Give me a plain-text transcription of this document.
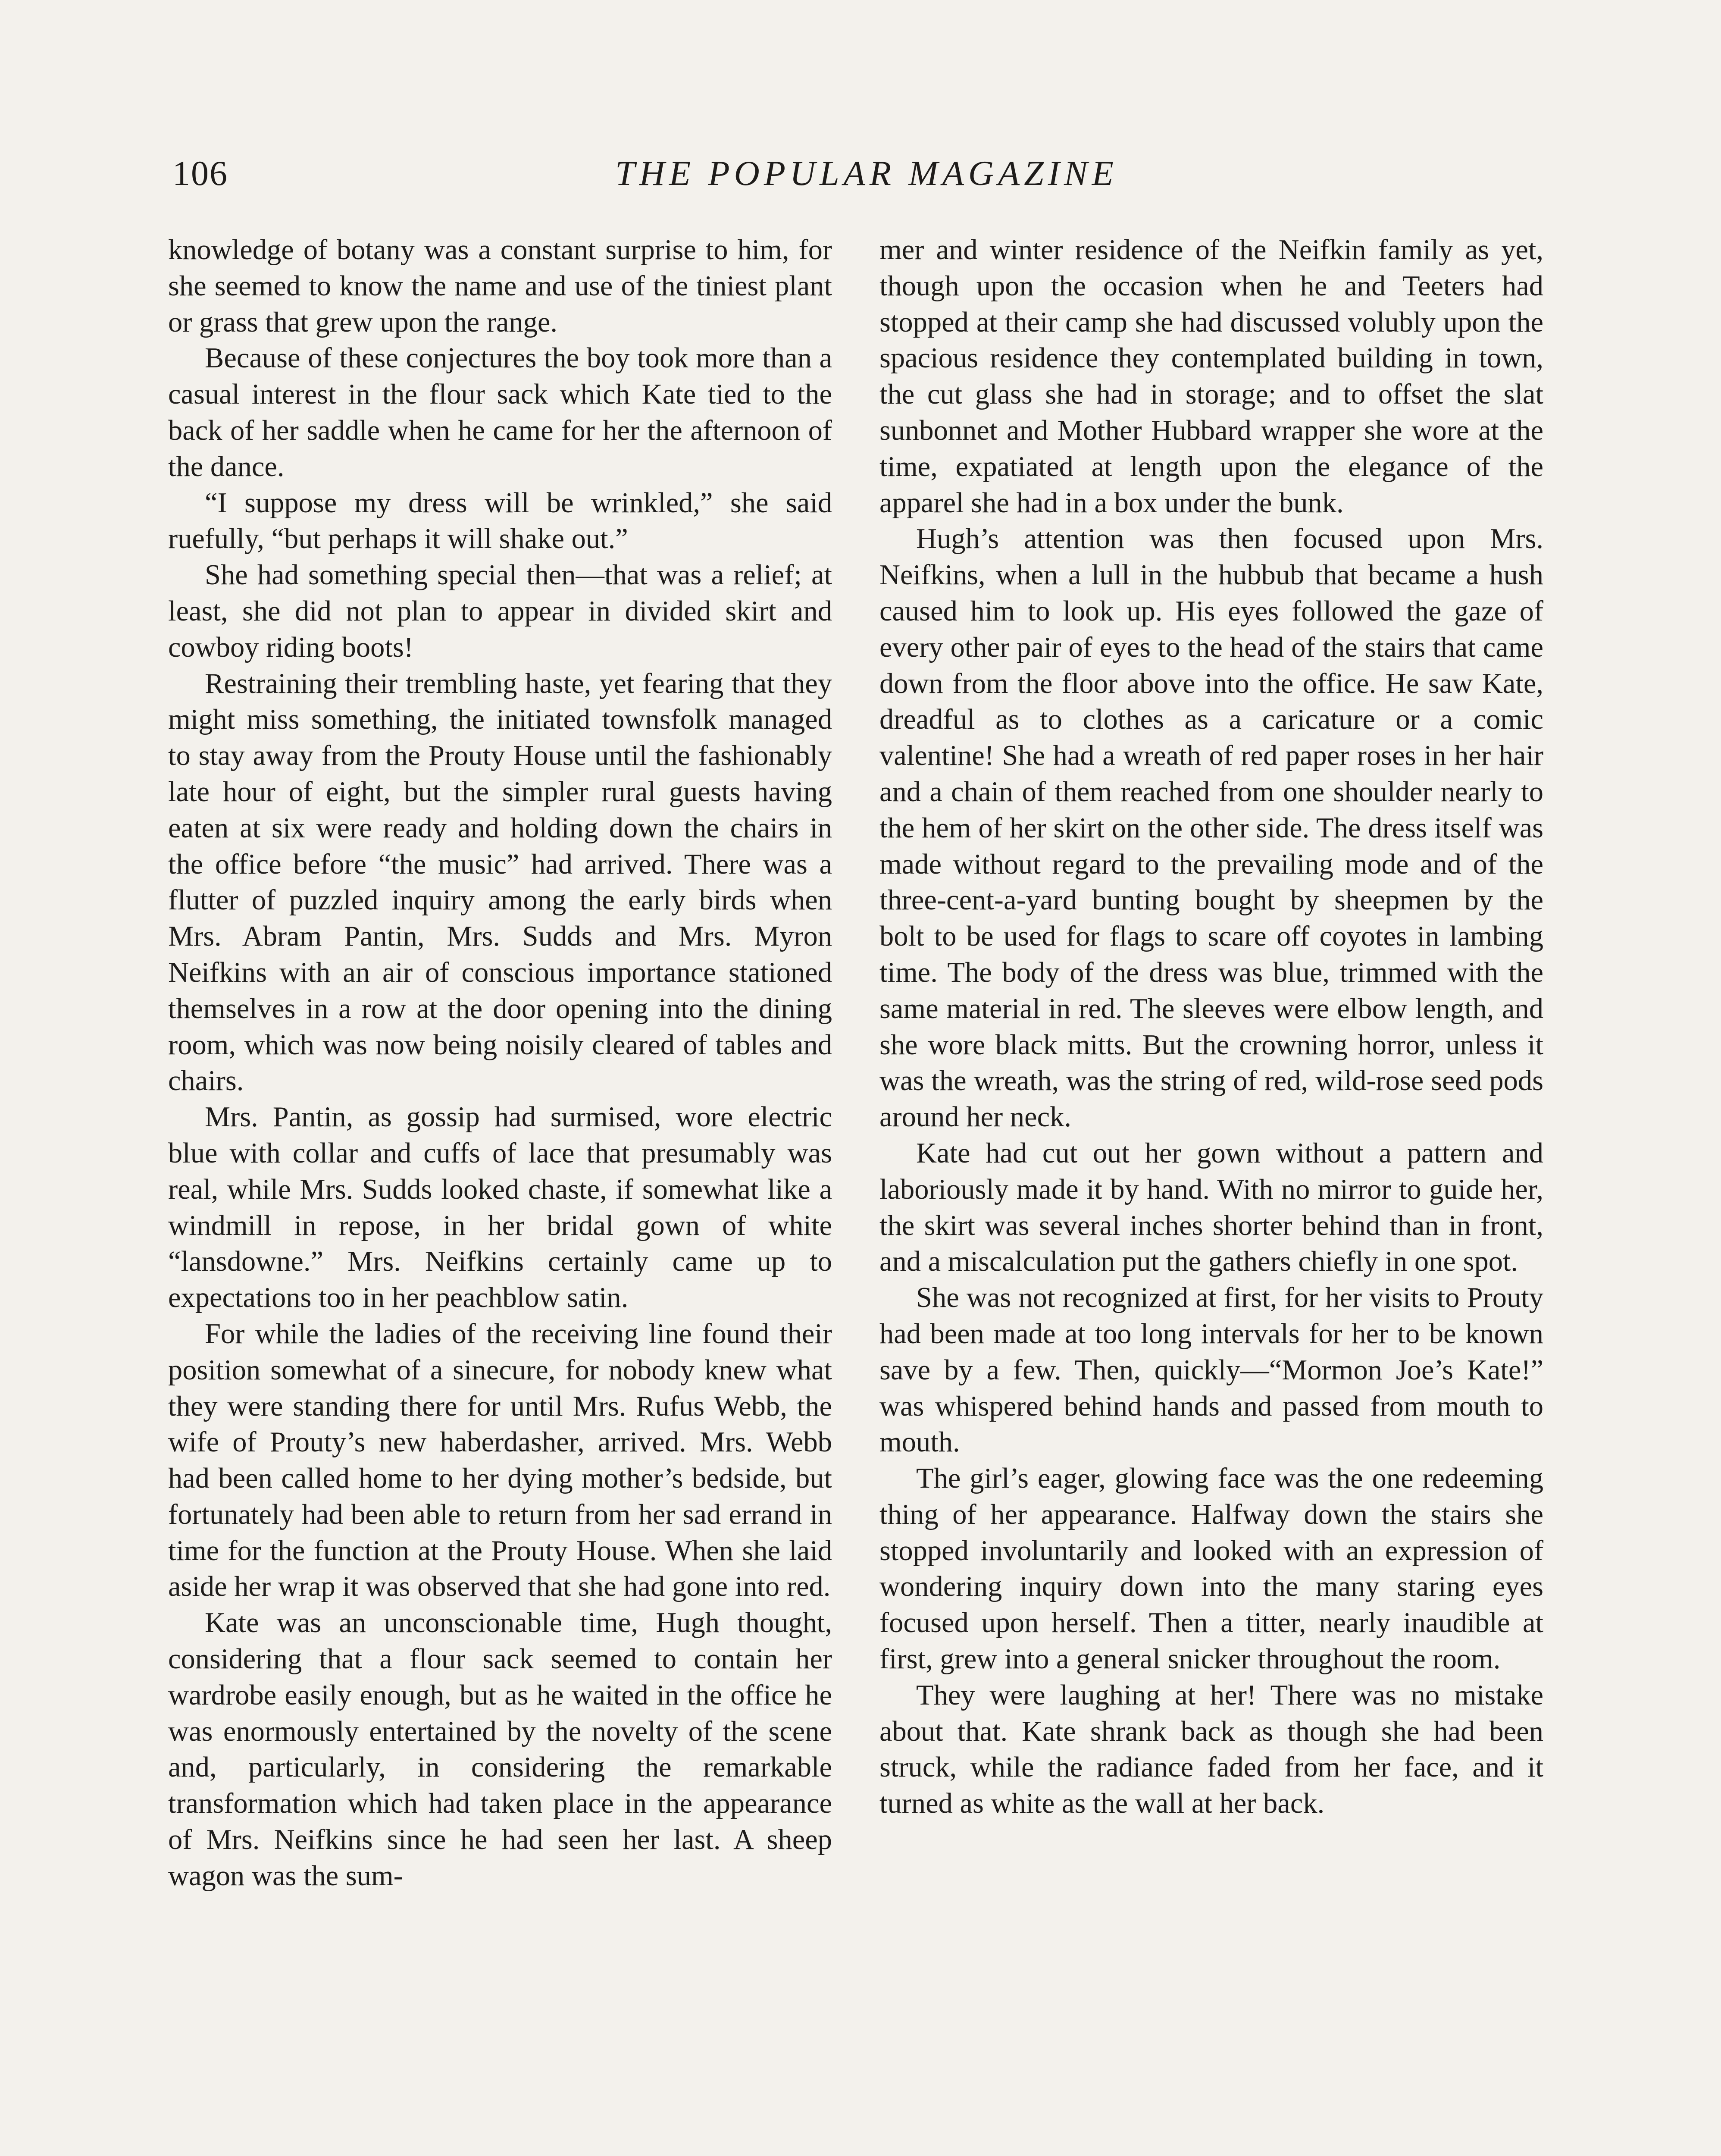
106	THE POPULAR MAGAZINE

knowledge of botany was a constant surprise to him, for she seemed to know the name and use of the tiniest plant or grass that grew upon the range.

Because of these conjectures the boy took more than a casual interest in the flour sack which Kate tied to the back of her saddle when he came for her the afternoon of the dance.

“I suppose my dress will be wrinkled,” she said ruefully, “but perhaps it will shake out.”

She had something special then—that was a relief; at least, she did not plan to appear in divided skirt and cowboy riding boots!

Restraining their trembling haste, yet fearing that they might miss something, the initiated townsfolk managed to stay away from the Prouty House until the fashionably late hour of eight, but the simpler rural guests having eaten at six were ready and holding down the chairs in the office before “the music” had arrived. There was a flutter of puzzled inquiry among the early birds when Mrs. Abram Pantin, Mrs. Sudds and Mrs. Myron Neifkins with an air of conscious importance stationed themselves in a row at the door opening into the dining room, which was now being noisily cleared of tables and chairs.

Mrs. Pantin, as gossip had surmised, wore electric blue with collar and cuffs of lace that presumably was real, while Mrs. Sudds looked chaste, if somewhat like a windmill in repose, in her bridal gown of white “lansdowne.” Mrs. Neifkins certainly came up to expectations too in her peachblow satin.

For while the ladies of the receiving line found their position somewhat of a sinecure, for nobody knew what they were standing there for until Mrs. Rufus Webb, the wife of Prouty’s new haberdasher, arrived. Mrs. Webb had been called home to her dying mother’s bedside, but fortunately had been able to return from her sad errand in time for the function at the Prouty House. When she laid aside her wrap it was observed that she had gone into red.

Kate was an unconscionable time, Hugh thought, considering that a flour sack seemed to contain her wardrobe easily enough, but as he waited in the office he was enormously entertained by the novelty of the scene and, particularly, in considering the remarkable transformation which had taken place in the appearance of Mrs. Neifkins since he had seen her last. A sheep wagon was the sum-

mer and winter residence of the Neifkin family as yet, though upon the occasion when he and Teeters had stopped at their camp she had discussed volubly upon the spacious residence they contemplated building in town, the cut glass she had in storage; and to offset the slat sunbonnet and Mother Hubbard wrapper she wore at the time, expatiated at length upon the elegance of the apparel she had in a box under the bunk.

Hugh’s attention was then focused upon Mrs. Neifkins, when a lull in the hubbub that became a hush caused him to look up. His eyes followed the gaze of every other pair of eyes to the head of the stairs that came down from the floor above into the office. He saw Kate, dreadful as to clothes as a caricature or a comic valentine! She had a wreath of red paper roses in her hair and a chain of them reached from one shoulder nearly to the hem of her skirt on the other side. The dress itself was made without regard to the prevailing mode and of the three-cent-a-yard bunting bought by sheepmen by the bolt to be used for flags to scare off coyotes in lambing time. The body of the dress was blue, trimmed with the same material in red. The sleeves were elbow length, and she wore black mitts. But the crowning horror, unless it was the wreath, was the string of red, wild-rose seed pods around her neck.

Kate had cut out her gown without a pattern and laboriously made it by hand. With no mirror to guide her, the skirt was several inches shorter behind than in front, and a miscalculation put the gathers chiefly in one spot.

She was not recognized at first, for her visits to Prouty had been made at too long intervals for her to be known save by a few. Then, quickly—“Mormon Joe’s Kate!” was whispered behind hands and passed from mouth to mouth.

The girl’s eager, glowing face was the one redeeming thing of her appearance. Halfway down the stairs she stopped involuntarily and looked with an expression of wondering inquiry down into the many staring eyes focused upon herself. Then a titter, nearly inaudible at first, grew into a general snicker throughout the room.

They were laughing at her! There was no mistake about that. Kate shrank back as though she had been struck, while the radiance faded from her face, and it turned as white as the wall at her back.
